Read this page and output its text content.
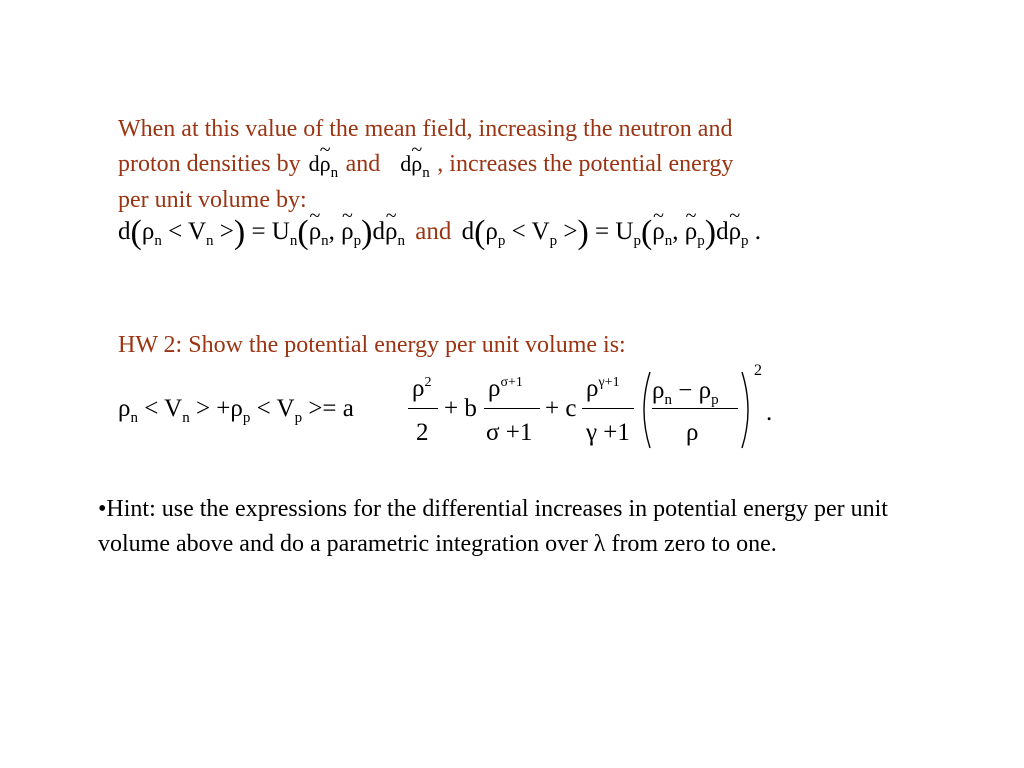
When at this value of the mean field, increasing the neutron and
proton densities by d~ $\rho_n$ and d~ $\rho_n$ , increases the potential energy
per unit volume by:
$d(\rho_n < V_n$ >) = $U_n(\sim$ $\rho_n$, ~ $\rho_p)d\sim$ $\rho_n$ and $d(\rho_p < V_p$ >) = $U_p(\sim$ $\rho_n$, ~ $\rho_p)d\sim$ $\rho_p$ .
HW 2: Show the potential energy per unit volume is:
$\rho_n < V_n > +\rho_p < V_p >= a$
$\rho^2$
2
+ b
$\rho^{\sigma+1}$
σ +1
+ c
$\rho^{\gamma+1}$
γ +1
$\rho_n - \rho_p$
ρ
2
.
•Hint: use the expressions for the differential increases in potential energy per unit volume above and do a parametric integration over λ from zero to one.
